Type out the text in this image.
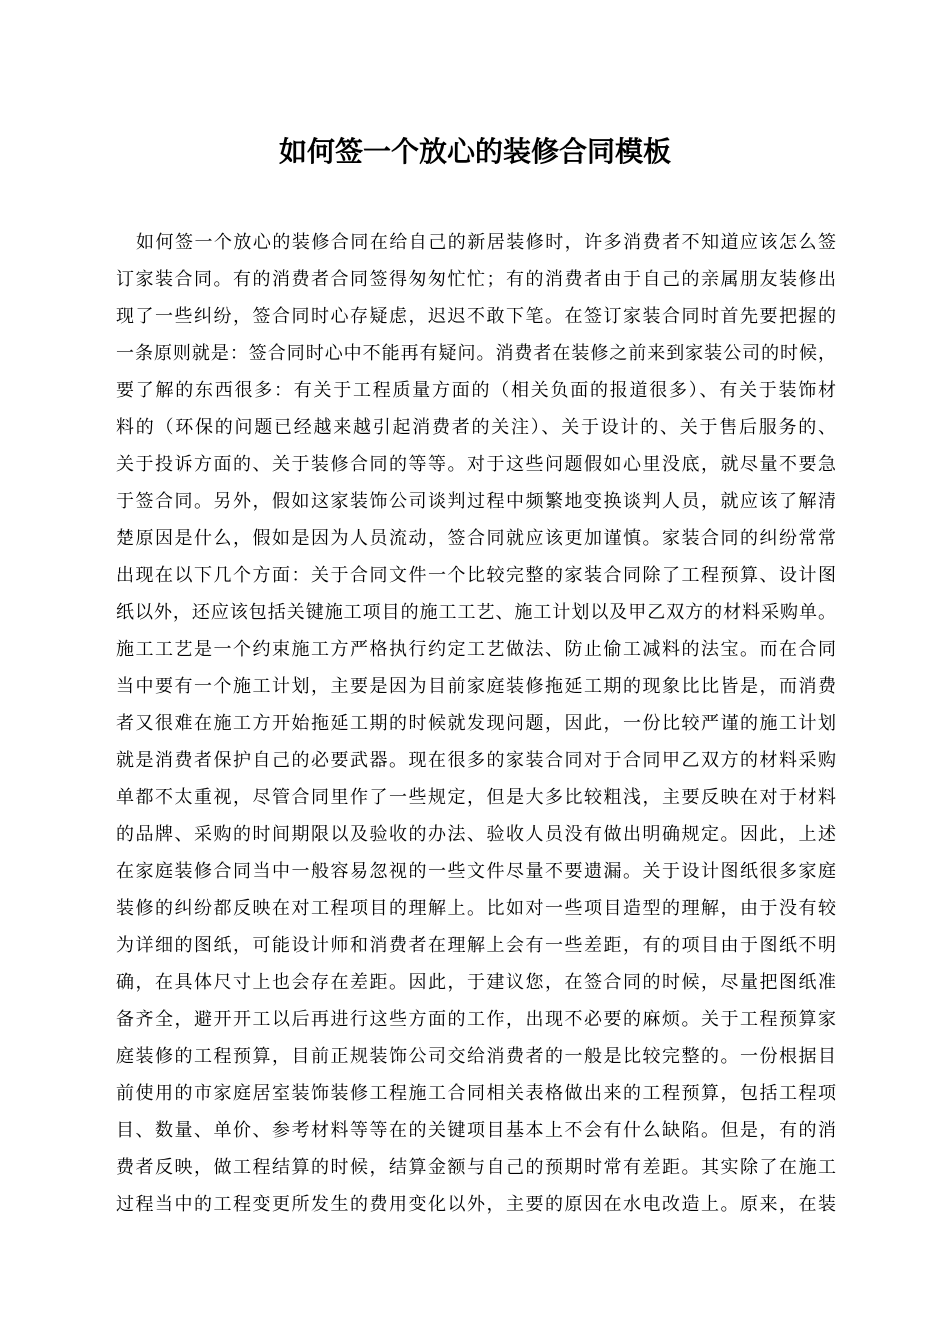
如何签一个放心的装修合同模板
如何签一个放心的装修合同在给自己的新居装修时，许多消费者不知道应该怎么签
订家装合同。有的消费者合同签得匆匆忙忙；有的消费者由于自己的亲属朋友装修出
现了一些纠纷，签合同时心存疑虑，迟迟不敢下笔。在签订家装合同时首先要把握的
一条原则就是：签合同时心中不能再有疑问。消费者在装修之前来到家装公司的时候，
要了解的东西很多：有关于工程质量方面的（相关负面的报道很多）、有关于装饰材
料的（环保的问题已经越来越引起消费者的关注）、关于设计的、关于售后服务的、
关于投诉方面的、关于装修合同的等等。对于这些问题假如心里没底，就尽量不要急
于签合同。另外，假如这家装饰公司谈判过程中频繁地变换谈判人员，就应该了解清
楚原因是什么，假如是因为人员流动，签合同就应该更加谨慎。家装合同的纠纷常常
出现在以下几个方面：关于合同文件一个比较完整的家装合同除了工程预算、设计图
纸以外，还应该包括关键施工项目的施工工艺、施工计划以及甲乙双方的材料采购单。
施工工艺是一个约束施工方严格执行约定工艺做法、防止偷工减料的法宝。而在合同
当中要有一个施工计划，主要是因为目前家庭装修拖延工期的现象比比皆是，而消费
者又很难在施工方开始拖延工期的时候就发现问题，因此，一份比较严谨的施工计划
就是消费者保护自己的必要武器。现在很多的家装合同对于合同甲乙双方的材料采购
单都不太重视，尽管合同里作了一些规定，但是大多比较粗浅，主要反映在对于材料
的品牌、采购的时间期限以及验收的办法、验收人员没有做出明确规定。因此，上述
在家庭装修合同当中一般容易忽视的一些文件尽量不要遗漏。关于设计图纸很多家庭
装修的纠纷都反映在对工程项目的理解上。比如对一些项目造型的理解，由于没有较
为详细的图纸，可能设计师和消费者在理解上会有一些差距，有的项目由于图纸不明
确，在具体尺寸上也会存在差距。因此，于建议您，在签合同的时候，尽量把图纸准
备齐全，避开开工以后再进行这些方面的工作，出现不必要的麻烦。关于工程预算家
庭装修的工程预算，目前正规装饰公司交给消费者的一般是比较完整的。一份根据目
前使用的市家庭居室装饰装修工程施工合同相关表格做出来的工程预算，包括工程项
目、数量、单价、参考材料等等在的关键项目基本上不会有什么缺陷。但是，有的消
费者反映，做工程结算的时候，结算金额与自己的预期时常有差距。其实除了在施工
过程当中的工程变更所发生的费用变化以外，主要的原因在水电改造上。原来，在装
